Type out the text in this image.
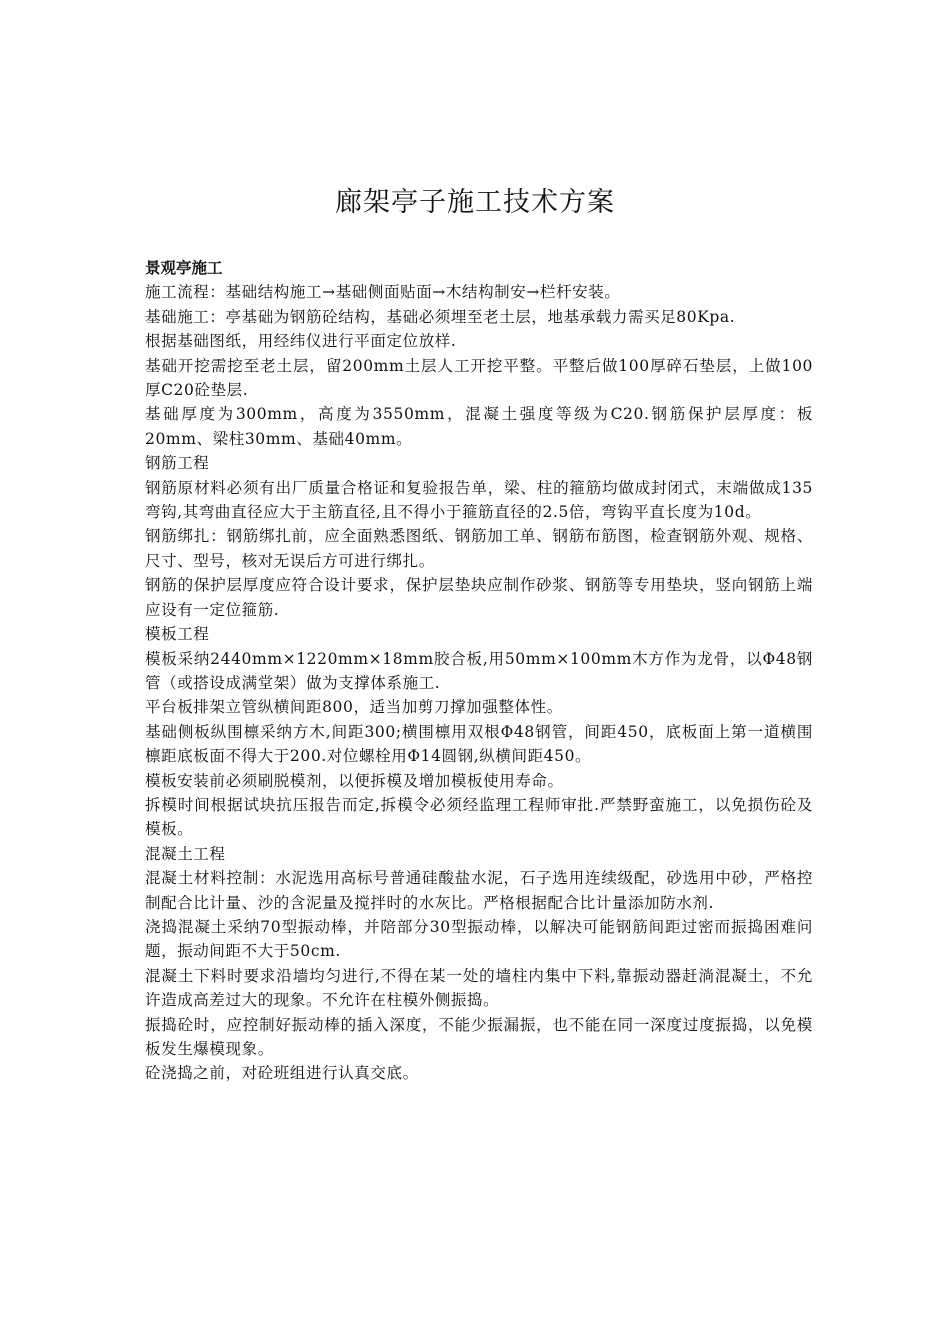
廊架亭子施工技术方案

景观亭施工

施工流程：基础结构施工→基础侧面贴面→木结构制安→栏杆安装。

基础施工：亭基础为钢筋砼结构，基础必须埋至老土层，地基承载力需买足80Kpa.

根据基础图纸，用经纬仪进行平面定位放样.

基础开挖需挖至老土层，留200mm土层人工开挖平整。平整后做100厚碎石垫层，上做100厚C20砼垫层.

基础厚度为300mm，高度为3550mm，混凝土强度等级为C20.钢筋保护层厚度：板20mm、梁柱30mm、基础40mm。

钢筋工程

钢筋原材料必须有出厂质量合格证和复验报告单，梁、柱的箍筋均做成封闭式，末端做成135弯钩,其弯曲直径应大于主筋直径,且不得小于箍筋直径的2.5倍，弯钩平直长度为10d。

钢筋绑扎：钢筋绑扎前，应全面熟悉图纸、钢筋加工单、钢筋布筋图，检查钢筋外观、规格、尺寸、型号，核对无误后方可进行绑扎。

钢筋的保护层厚度应符合设计要求，保护层垫块应制作砂浆、钢筋等专用垫块，竖向钢筋上端应设有一定位箍筋.

模板工程

模板采纳2440mm×1220mm×18mm胶合板,用50mm×100mm木方作为龙骨，以Φ48钢管（或搭设成满堂架）做为支撑体系施工.

平台板排架立管纵横间距800，适当加剪刀撑加强整体性。

基础侧板纵围檩采纳方木,间距300;横围檩用双根Φ48钢管，间距450，底板面上第一道横围檩距底板面不得大于200.对位螺栓用Φ14圆钢,纵横间距450。

模板安装前必须刷脱模剂，以便拆模及增加模板使用寿命。

拆模时间根据试块抗压报告而定,拆模令必须经监理工程师审批.严禁野蛮施工，以免损伤砼及模板。

混凝土工程

混凝土材料控制：水泥选用高标号普通硅酸盐水泥，石子选用连续级配，砂选用中砂，严格控制配合比计量、沙的含泥量及搅拌时的水灰比。严格根据配合比计量添加防水剂.

浇捣混凝土采纳70型振动棒，并陪部分30型振动棒，以解决可能钢筋间距过密而振捣困难问题，振动间距不大于50cm.

混凝土下料时要求沿墙均匀进行,不得在某一处的墙柱内集中下料,靠振动器赶淌混凝土，不允许造成高差过大的现象。不允许在柱模外侧振捣。

振捣砼时，应控制好振动棒的插入深度，不能少振漏振，也不能在同一深度过度振捣，以免模板发生爆模现象。

砼浇捣之前，对砼班组进行认真交底。
